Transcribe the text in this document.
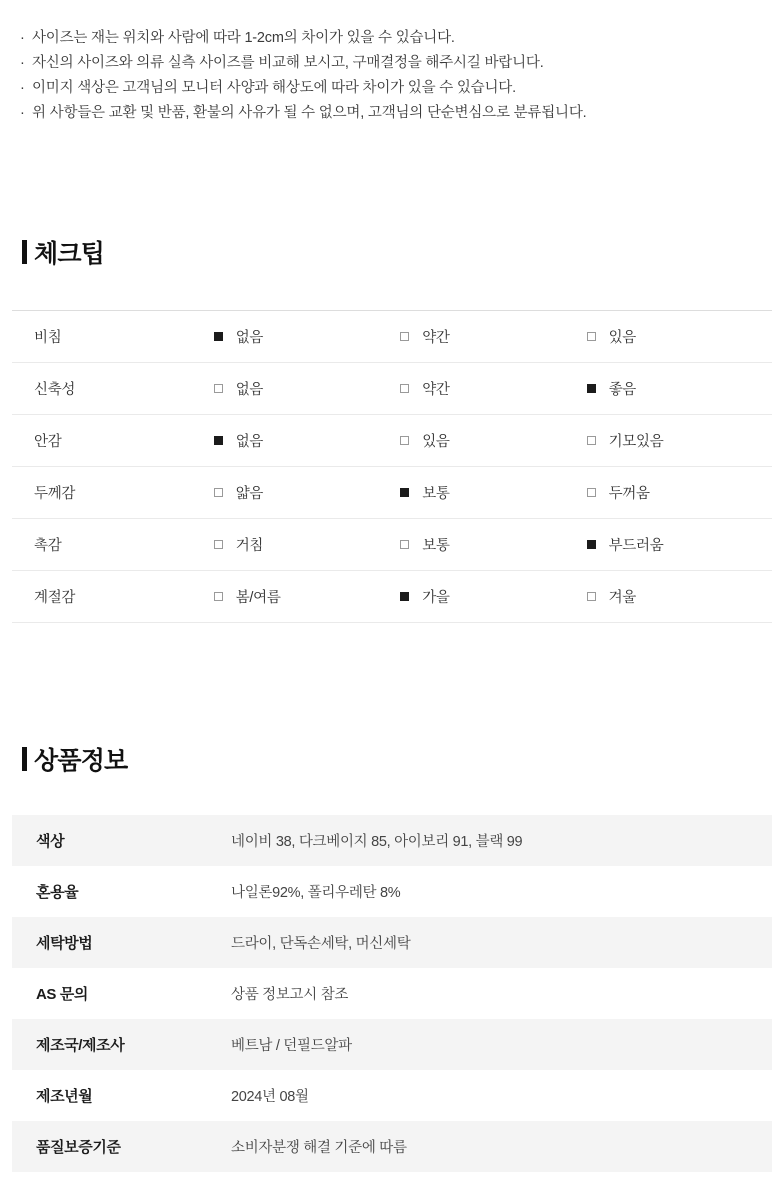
· 사이즈는 재는 위치와 사람에 따라 1-2cm의 차이가 있을 수 있습니다.
· 자신의 사이즈와 의류 실측 사이즈를 비교해 보시고, 구매결정을 해주시길 바랍니다.
· 이미지 색상은 고객님의 모니터 사양과 해상도에 따라 차이가 있을 수 있습니다.
· 위 사항들은 교환 및 반품, 환불의 사유가 될 수 없으며, 고객님의 단순변심으로 분류됩니다.
체크팁
비침	없음	약간	있음

신축성	없음	약간	좋음

안감	없음	있음	기모있음

두께감	얇음	보통	두꺼움

촉감	거침	보통	부드러움

계절감	봄/여름	가을	겨울
상품정보
색상	네이비 38, 다크베이지 85, 아이보리 91, 블랙 99
혼용율	나일론92%, 폴리우레탄 8%
세탁방법	드라이, 단독손세탁, 머신세탁
AS 문의	상품 정보고시 참조
제조국/제조사	베트남 / 던필드알파
제조년월	2024년 08월
품질보증기준	소비자분쟁 해결 기준에 따름
